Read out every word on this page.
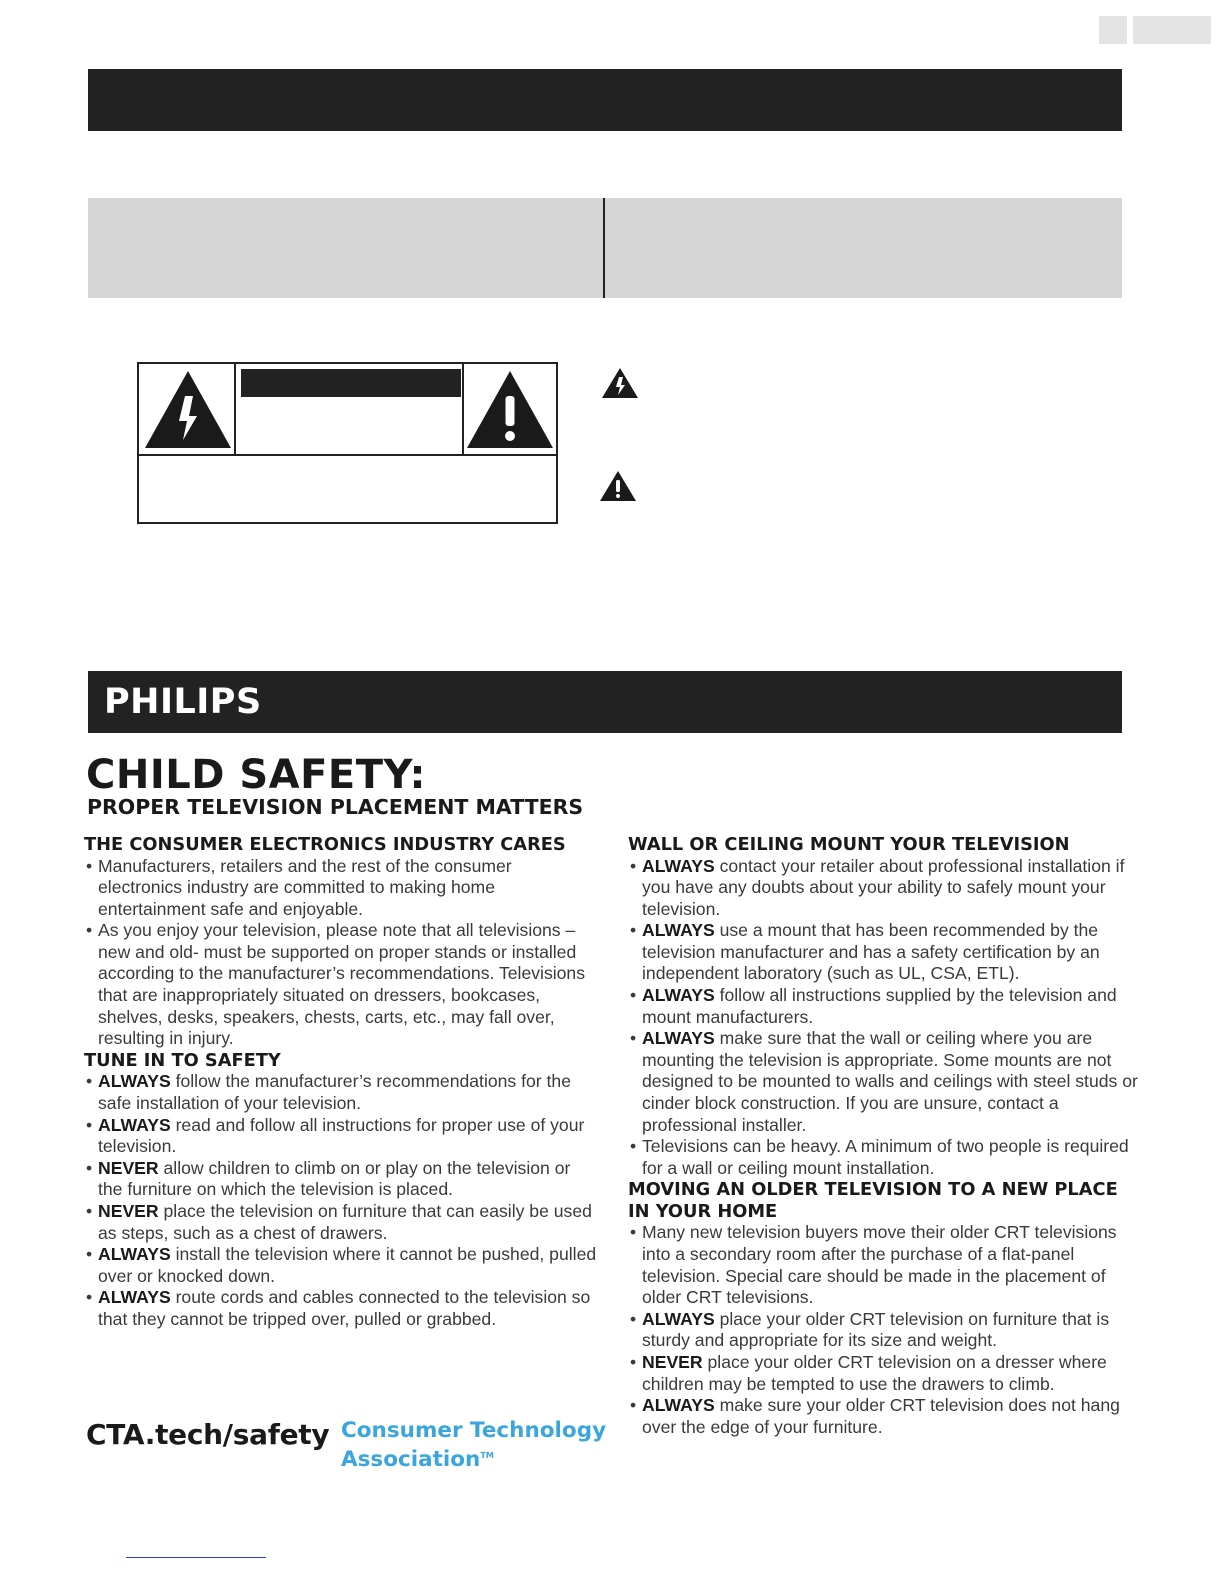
PHILIPS
CHILD SAFETY:
PROPER TELEVISION PLACEMENT MATTERS
THE CONSUMER ELECTRONICS INDUSTRY CARES
• Manufacturers, retailers and the rest of the consumer electronics industry are committed to making home entertainment safe and enjoyable.
• As you enjoy your television, please note that all televisions – new and old- must be supported on proper stands or installed according to the manufacturer’s recommendations. Televisions that are inappropriately situated on dressers, bookcases, shelves, desks, speakers, chests, carts, etc., may fall over, resulting in injury.
TUNE IN TO SAFETY
• ALWAYS follow the manufacturer’s recommendations for the safe installation of your television.
• ALWAYS read and follow all instructions for proper use of your television.
• NEVER allow children to climb on or play on the television or the furniture on which the television is placed.
• NEVER place the television on furniture that can easily be used as steps, such as a chest of drawers.
• ALWAYS install the television where it cannot be pushed, pulled over or knocked down.
• ALWAYS route cords and cables connected to the television so that they cannot be tripped over, pulled or grabbed.
WALL OR CEILING MOUNT YOUR TELEVISION
• ALWAYS contact your retailer about professional installation if you have any doubts about your ability to safely mount your television.
• ALWAYS use a mount that has been recommended by the television manufacturer and has a safety certification by an independent laboratory (such as UL, CSA, ETL).
• ALWAYS follow all instructions supplied by the television and mount manufacturers.
• ALWAYS make sure that the wall or ceiling where you are mounting the television is appropriate. Some mounts are not designed to be mounted to walls and ceilings with steel studs or cinder block construction. If you are unsure, contact a professional installer.
• Televisions can be heavy. A minimum of two people is required for a wall or ceiling mount installation.
MOVING AN OLDER TELEVISION TO A NEW PLACE
IN YOUR HOME
• Many new television buyers move their older CRT televisions into a secondary room after the purchase of a flat-panel television. Special care should be made in the placement of older CRT televisions.
• ALWAYS place your older CRT television on furniture that is sturdy and appropriate for its size and weight.
• NEVER place your older CRT television on a dresser where children may be tempted to use the drawers to climb.
• ALWAYS make sure your older CRT television does not hang over the edge of your furniture.
CTA.tech/safety Consumer Technology
Association™
